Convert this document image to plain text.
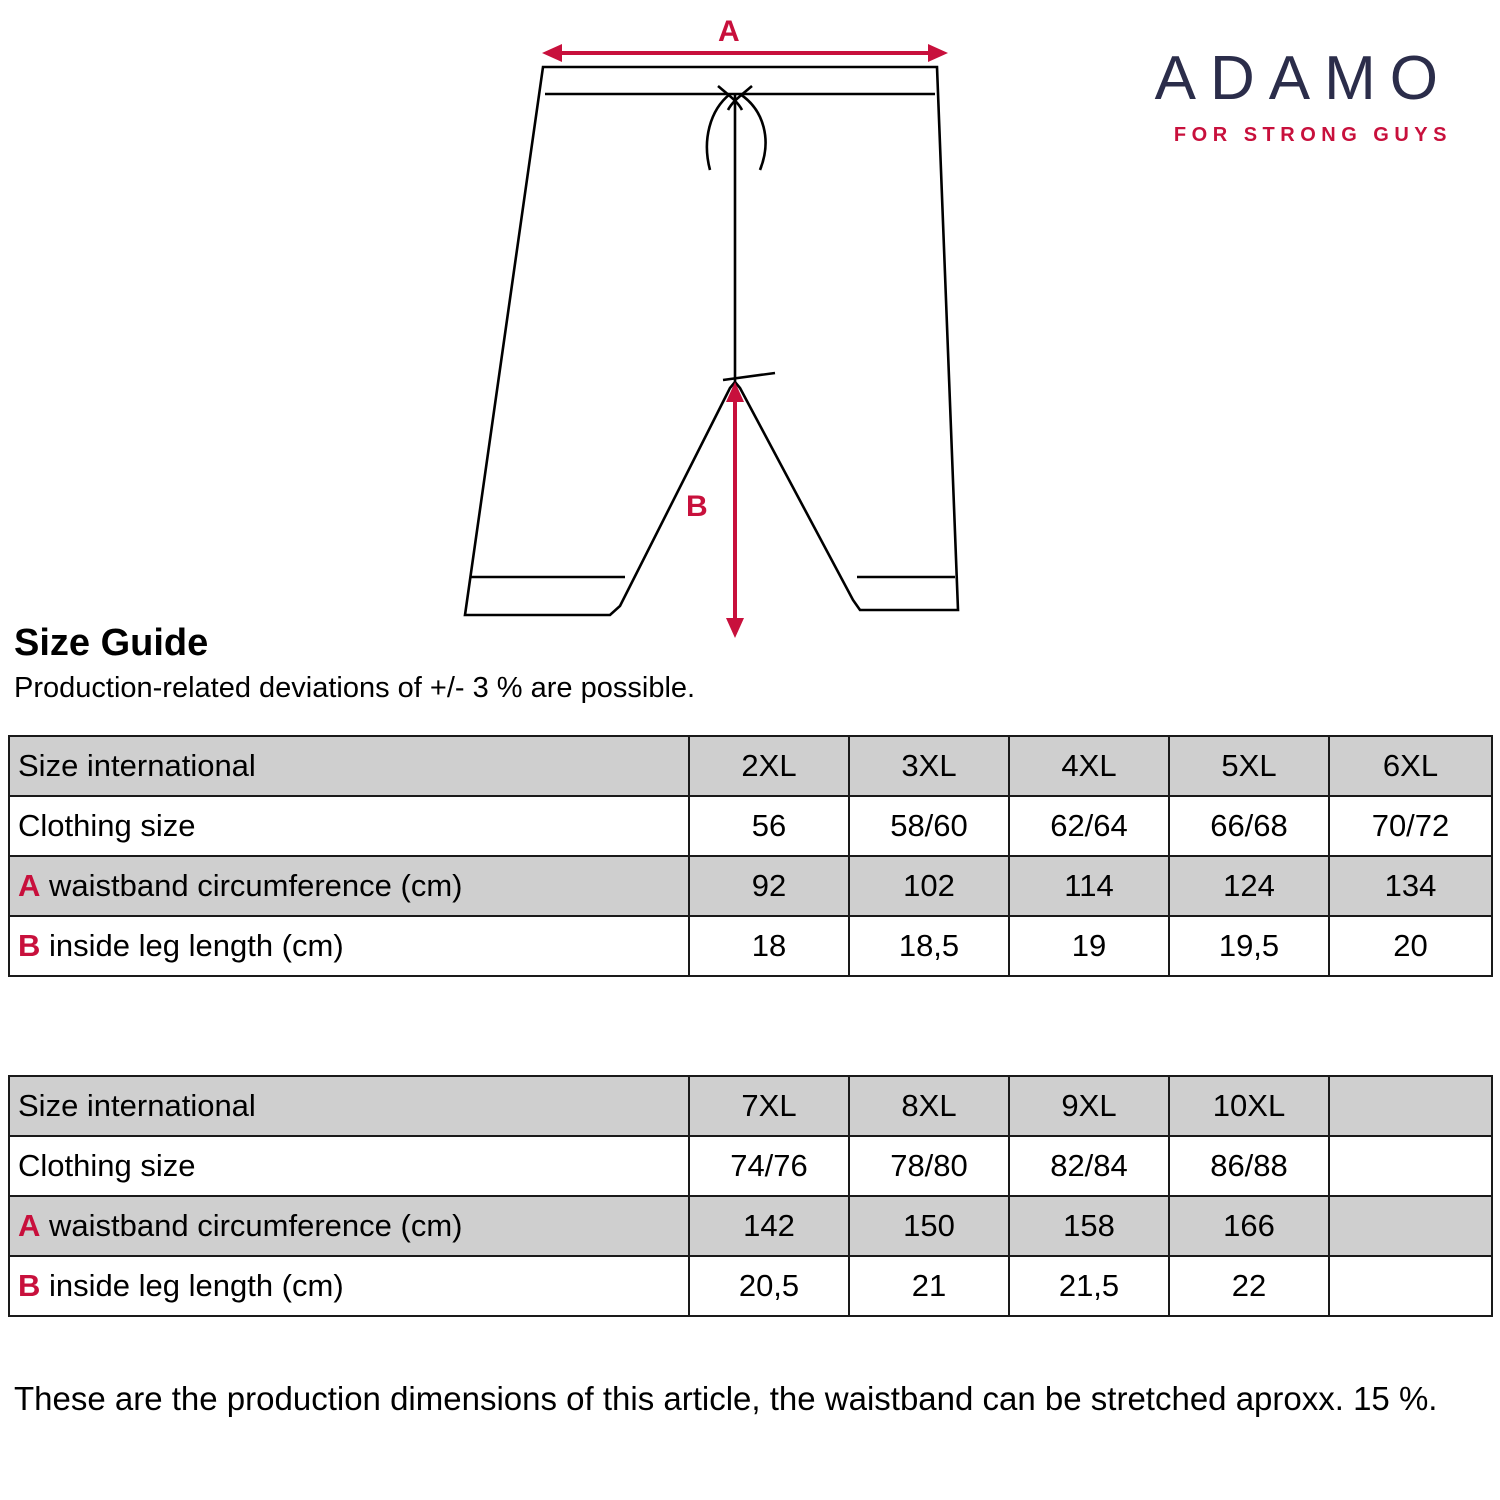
ADAMO
FOR STRONG GUYS
A
B
Size Guide
Production-related deviations of +/- 3 % are possible.
Size international	2XL	3XL	4XL	5XL	6XL
Clothing size	56	58/60	62/64	66/68	70/72
A waistband circumference (cm)	92	102	114	124	134
B inside leg length (cm)	18	18,5	19	19,5	20
Size international	7XL	8XL	9XL	10XL	
Clothing size	74/76	78/80	82/84	86/88	
A waistband circumference (cm)	142	150	158	166	
B inside leg length (cm)	20,5	21	21,5	22	
These are the production dimensions of this article, the waistband can be stretched aproxx. 15 %.
